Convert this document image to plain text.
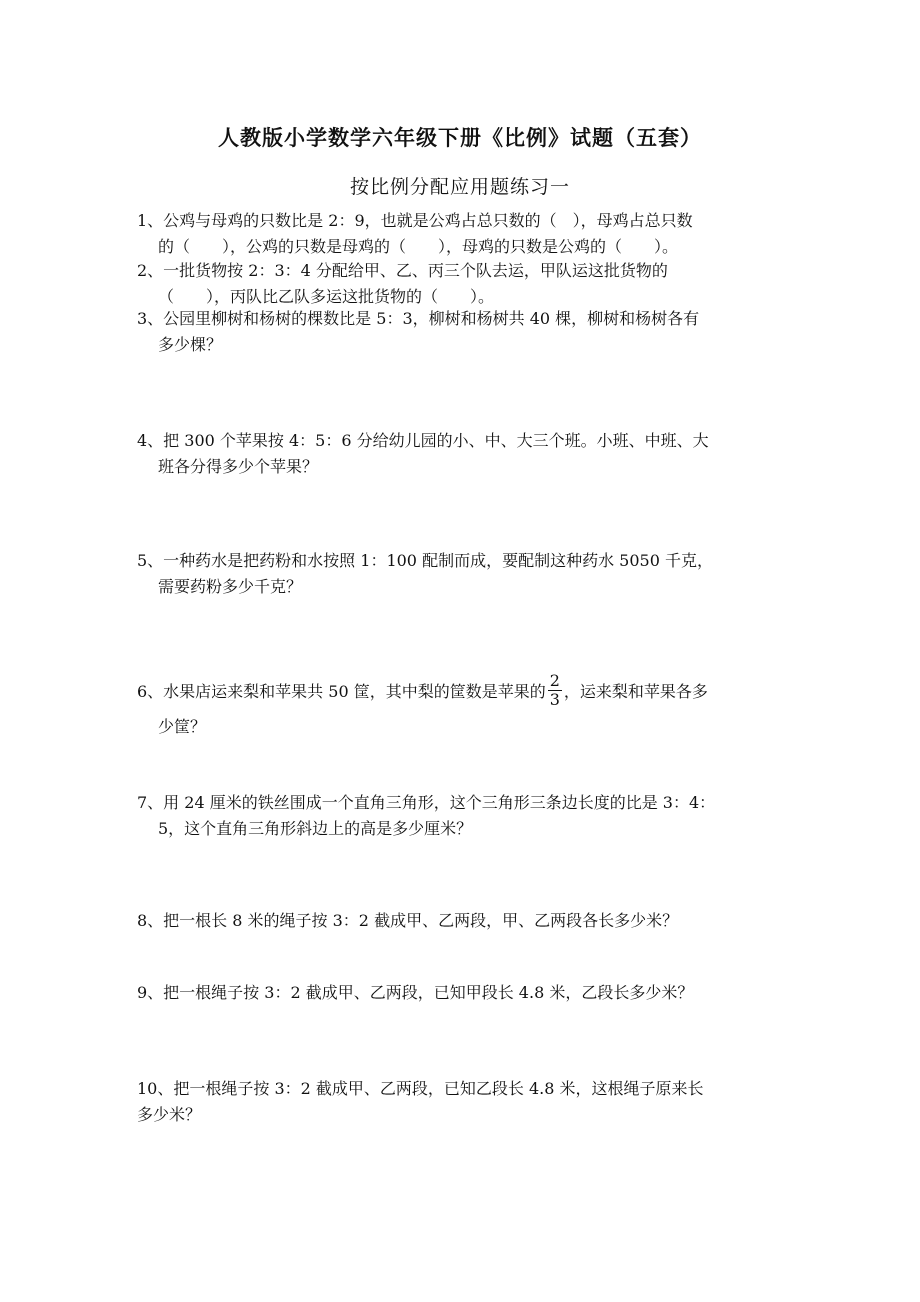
人教版小学数学六年级下册《比例》试题（五套）
按比例分配应用题练习一
1、公鸡与母鸡的只数比是 2：9，也就是公鸡占总只数的（　），母鸡占总只数
的（　　），公鸡的只数是母鸡的（　　），母鸡的只数是公鸡的（　　）。
2、一批货物按 2：3：4 分配给甲、乙、丙三个队去运，甲队运这批货物的
（　　），丙队比乙队多运这批货物的（　　）。
3、公园里柳树和杨树的棵数比是 5：3，柳树和杨树共 40 棵，柳树和杨树各有
多少棵？
4、把 300 个苹果按 4：5：6 分给幼儿园的小、中、大三个班。小班、中班、大
班各分得多少个苹果？
5、一种药水是把药粉和水按照 1：100 配制而成，要配制这种药水 5050 千克，
需要药粉多少千克？
6、水果店运来梨和苹果共 50 筐，其中梨的筐数是苹果的 $\frac{2}{3}$ ，运来梨和苹果各多
少筐？
7、用 24 厘米的铁丝围成一个直角三角形，这个三角形三条边长度的比是 3：4：
5，这个直角三角形斜边上的高是多少厘米？
8、把一根长 8 米的绳子按 3：2 截成甲、乙两段，甲、乙两段各长多少米？
9、把一根绳子按 3：2 截成甲、乙两段，已知甲段长 4.8 米，乙段长多少米？
10、把一根绳子按 3：2 截成甲、乙两段，已知乙段长 4.8 米，这根绳子原来长
多少米？
